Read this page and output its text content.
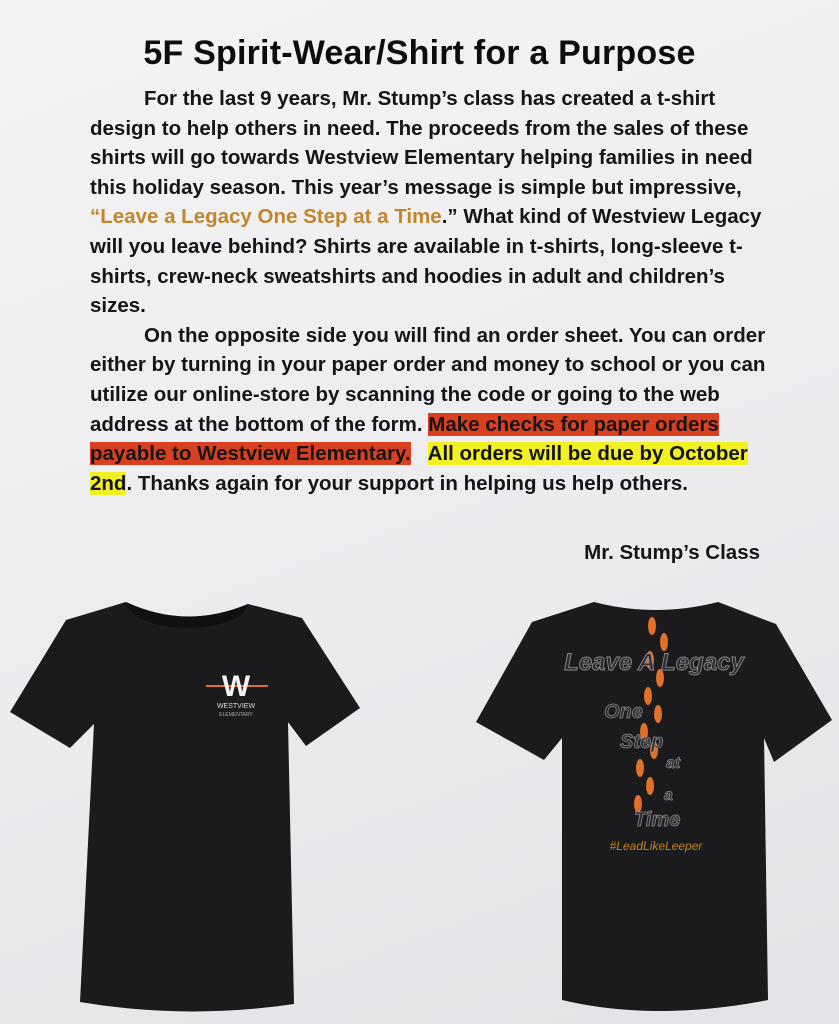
5F Spirit-Wear/Shirt for a Purpose

For the last 9 years, Mr. Stump’s class has created a t-shirt design to help others in need. The proceeds from the sales of these shirts will go towards Westview Elementary helping families in need this holiday season. This year’s message is simple but impressive, “Leave a Legacy One Step at a Time.” What kind of Westview Legacy will you leave behind? Shirts are available in t-shirts, long-sleeve t-shirts, crew-neck sweatshirts and hoodies in adult and children’s sizes.

On the opposite side you will find an order sheet. You can order either by turning in your paper order and money to school or you can utilize our online-store by scanning the code or going to the web address at the bottom of the form. Make checks for paper orders payable to Westview Elementary. All orders will be due by October 2nd. Thanks again for your support in helping us help others.

Mr. Stump’s Class
W
WESTVIEW
ELEMENTARY
Leave A Legacy
One
Step
at
a
Time
#LeadLikeLeeper
